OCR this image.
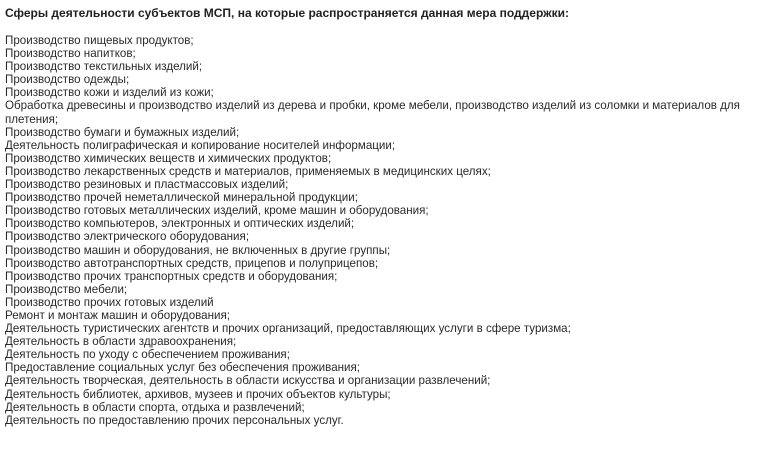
Сферы деятельности субъектов МСП, на которые распространяется данная мера поддержки:
Производство пищевых продуктов;
Производство напитков;
Производство текстильных изделий;
Производство одежды;
Производство кожи и изделий из кожи;
Обработка древесины и производство изделий из дерева и пробки, кроме мебели, производство изделий из соломки и материалов для плетения;
Производство бумаги и бумажных изделий;
Деятельность полиграфическая и копирование носителей информации;
Производство химических веществ и химических продуктов;
Производство лекарственных средств и материалов, применяемых в медицинских целях;
Производство резиновых и пластмассовых изделий;
Производство прочей неметаллической минеральной продукции;
Производство готовых металлических изделий, кроме машин и оборудования;
Производство компьютеров, электронных и оптических изделий;
Производство электрического оборудования;
Производство машин и оборудования, не включенных в другие группы;
Производство автотранспортных средств, прицепов и полуприцепов;
Производство прочих транспортных средств и оборудования;
Производство мебели;
Производство прочих готовых изделий
Ремонт и монтаж машин и оборудования;
Деятельность туристических агентств и прочих организаций, предоставляющих услуги в сфере туризма;
Деятельность в области здравоохранения;
Деятельность по уходу с обеспечением проживания;
Предоставление социальных услуг без обеспечения проживания;
Деятельность творческая, деятельность в области искусства и организации развлечений;
Деятельность библиотек, архивов, музеев и прочих объектов культуры;
Деятельность в области спорта, отдыха и развлечений;
Деятельность по предоставлению прочих персональных услуг.
